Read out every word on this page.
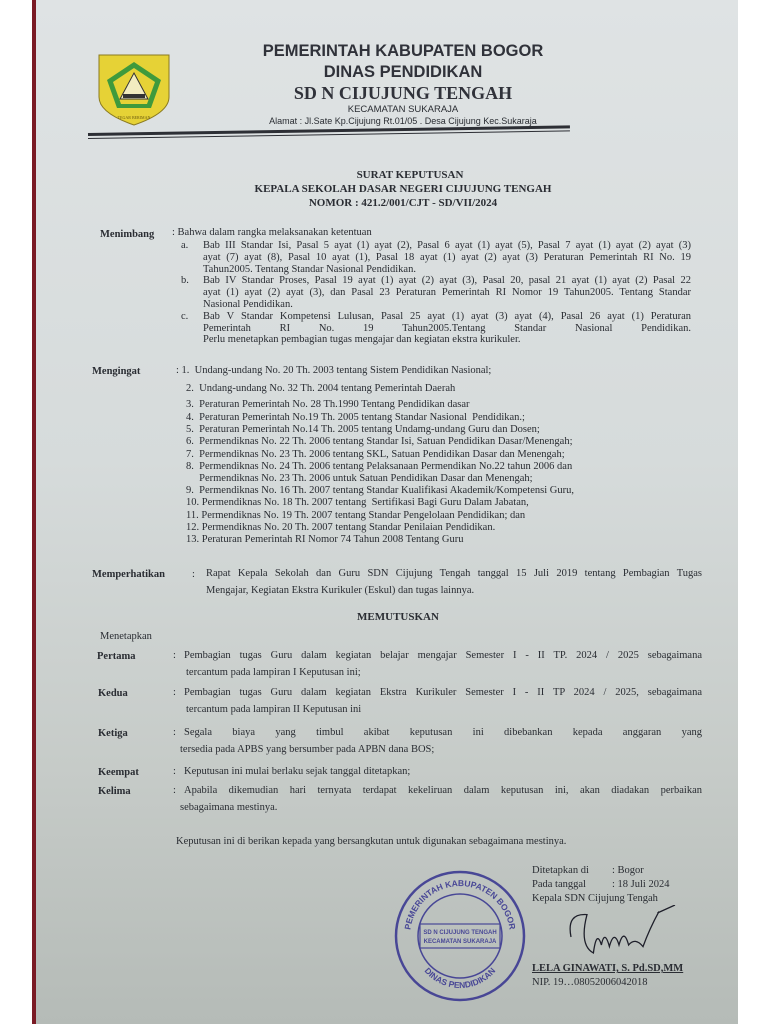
TEGAR BERIMAN
PEMERINTAH KABUPATEN BOGOR
DINAS PENDIDIKAN
SD N CIJUJUNG TENGAH
KECAMATAN SUKARAJA
Alamat : Jl.Sate Kp.Cijujung Rt.01/05 . Desa Cijujung Kec.Sukaraja
SURAT KEPUTUSAN
KEPALA SEKOLAH DASAR NEGERI CIJUJUNG TENGAH
NOMOR : 421.2/001/CJT - SD/VII/2024
Menimbang : Bahwa dalam rangka melaksanakan ketentuan
a. Bab III Standar Isi, Pasal 5 ayat (1) ayat (2), Pasal 6 ayat (1) ayat (5), Pasal 7 ayat (1) ayat (2) ayat (3)
ayat (7) ayat (8), Pasal 10 ayat (1), Pasal 18 ayat (1) ayat (2) ayat (3) Peraturan Pemerintah RI No. 19
Tahun2005. Tentang Standar Nasional Pendidikan.
b. Bab IV Standar Proses, Pasal 19 ayat (1) ayat (2) ayat (3), Pasal 20, pasal 21 ayat (1) ayat (2) Pasal 22
ayat (1) ayat (2) ayat (3), dan Pasal 23 Peraturan Pemerintah RI Nomor 19 Tahun2005. Tentang Standar
Nasional Pendidikan.
c. Bab V Standar Kompetensi Lulusan, Pasal 25 ayat (1) ayat (3) ayat (4), Pasal 26 ayat (1) Peraturan
Pemerintah RI No. 19 Tahun2005.Tentang Standar Nasional Pendidikan.
Perlu menetapkan pembagian tugas mengajar dan kegiatan ekstra kurikuler.
Mengingat	: 1.  Undang-undang No. 20 Th. 2003 tentang Sistem Pendidikan Nasional;
2.  Undang-undang No. 32 Th. 2004 tentang Pemerintah Daerah
3.  Peraturan Pemerintah No. 28 Th.1990 Tentang Pendidikan dasar
4.  Peraturan Pemerintah No.19 Th. 2005 tentang Standar Nasional  Pendidikan.;
5.  Peraturan Pemerintah No.14 Th. 2005 tentang Undamg-undang Guru dan Dosen;
6.  Permendiknas No. 22 Th. 2006 tentang Standar Isi, Satuan Pendidikan Dasar/Menengah;
7.  Permendiknas No. 23 Th. 2006 tentang SKL, Satuan Pendidikan Dasar dan Menengah;
8.  Permendiknas No. 24 Th. 2006 tentang Pelaksanaan Permendikan No.22 tahun 2006 dan
Permendiknas No. 23 Th. 2006 untuk Satuan Pendidikan Dasar dan Menengah;
9.  Permendiknas No. 16 Th. 2007 tentang Standar Kualifikasi Akademik/Kompetensi Guru,
10. Permendiknas No. 18 Th. 2007 tentang  Sertifikasi Bagi Guru Dalam Jabatan,
11. Permendiknas No. 19 Th. 2007 tentang Standar Pengelolaan Pendidikan; dan
12. Permendiknas No. 20 Th. 2007 tentang Standar Penilaian Pendidikan.
13. Peraturan Pemerintah RI Nomor 74 Tahun 2008 Tentang Guru
Memperhatikan	: Rapat Kepala Sekolah dan Guru SDN Cijujung Tengah tanggal 15 Juli 2019 tentang Pembagian Tugas
Mengajar, Kegiatan Ekstra Kurikuler (Eskul) dan tugas lainnya.
MEMUTUSKAN
Menetapkan
Pertama	: Pembagian tugas Guru dalam kegiatan belajar mengajar Semester I - II TP. 2024 / 2025 sebagaimana
tercantum pada lampiran I Keputusan ini;
Kedua	: Pembagian tugas Guru dalam kegiatan Ekstra Kurikuler Semester I - II TP 2024 / 2025, sebagaimana
tercantum pada lampiran II Keputusan ini
Ketiga	: Segala biaya yang timbul akibat keputusan ini dibebankan kepada anggaran yang
tersedia pada APBS yang bersumber pada APBN dana BOS;
Keempat	: Keputusan ini mulai berlaku sejak tanggal ditetapkan;
Kelima	: Apabila dikemudian hari ternyata terdapat kekeliruan dalam keputusan ini, akan diadakan perbaikan
sebagaimana mestinya.
Keputusan ini di berikan kepada yang bersangkutan untuk digunakan sebagaimana mestinya.
Ditetapkan di : Bogor
Pada tanggal : 18 Juli 2024
Kepala SDN Cijujung Tengah
PEMERINTAH KABUPATEN BOGOR
DINAS PENDIDIKAN
SD N CIJUJUNG TENGAH
KECAMATAN SUKARAJA
LELA GINAWATI, S. Pd.SD,MM
NIP. 19…08052006042018
